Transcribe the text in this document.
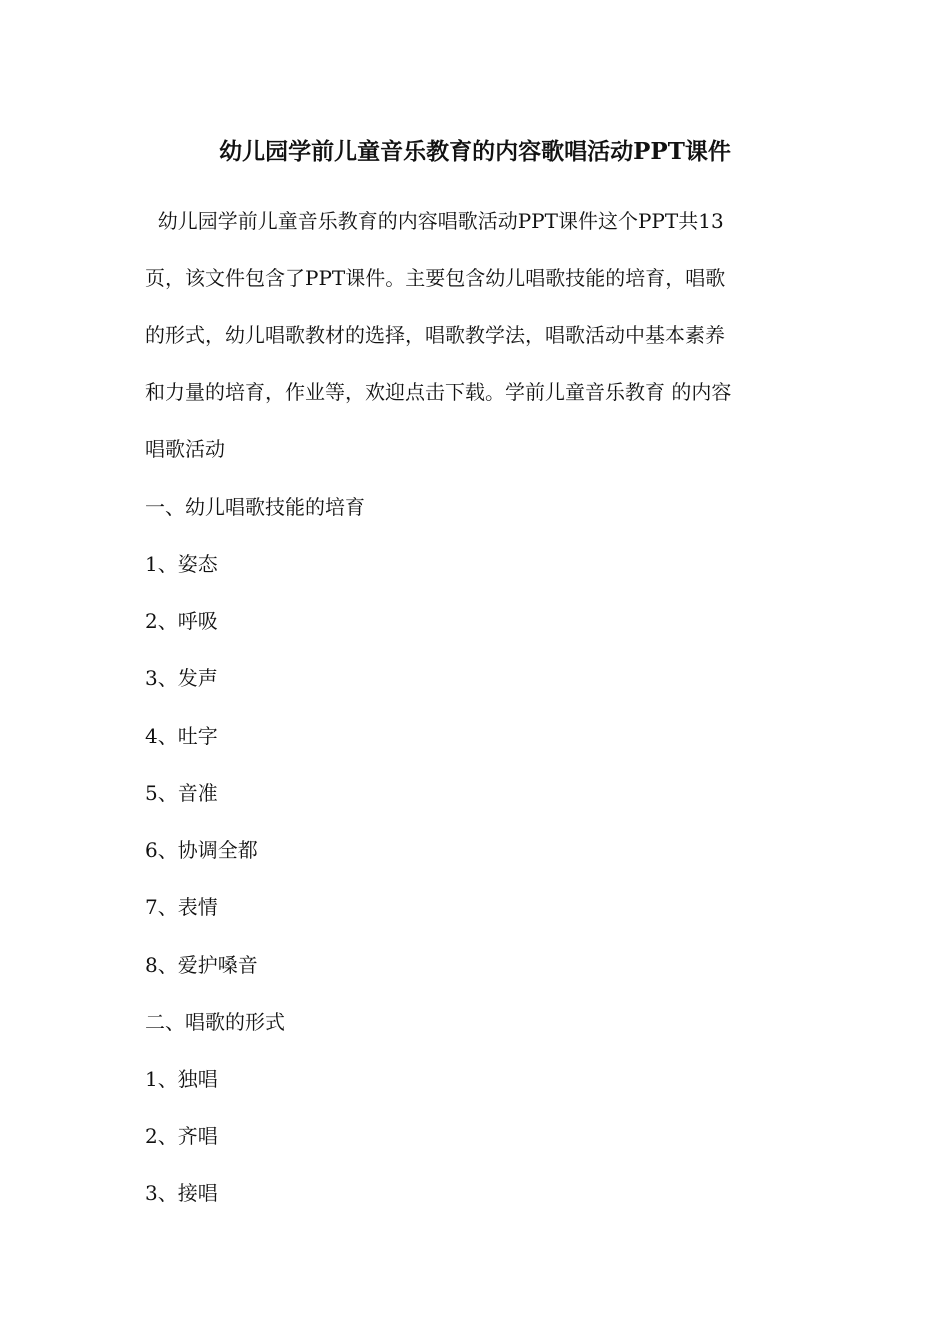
幼儿园学前儿童音乐教育的内容歌唱活动PPT课件
幼儿园学前儿童音乐教育的内容唱歌活动PPT课件这个PPT共13
页，该文件包含了PPT课件。主要包含幼儿唱歌技能的培育，唱歌
的形式，幼儿唱歌教材的选择，唱歌教学法，唱歌活动中基本素养
和力量的培育，作业等，欢迎点击下载。学前儿童音乐教育 的内容
唱歌活动
一、幼儿唱歌技能的培育
1、姿态
2、呼吸
3、发声
4、吐字
5、音准
6、协调全都
7、表情
8、爱护嗓音
二、唱歌的形式
1、独唱
2、齐唱
3、接唱
